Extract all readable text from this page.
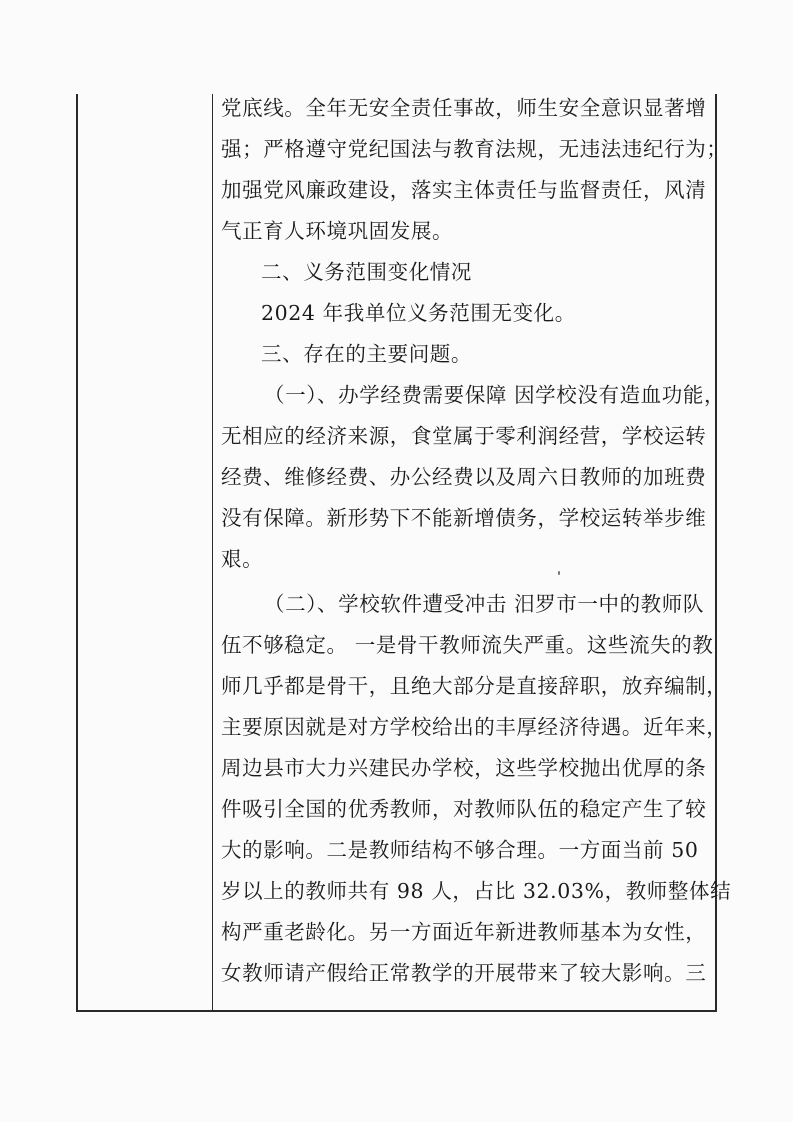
党底线。全年无安全责任事故，师生安全意识显著增
强；严格遵守党纪国法与教育法规，无违法违纪行为；
加强党风廉政建设，落实主体责任与监督责任，风清
气正育人环境巩固发展。
二、义务范围变化情况
2024 年我单位义务范围无变化。
三、存在的主要问题。
（一）、办学经费需要保障 因学校没有造血功能，
无相应的经济来源，食堂属于零利润经营，学校运转
经费、维修经费、办公经费以及周六日教师的加班费
没有保障。新形势下不能新增债务，学校运转举步维
艰。
（二）、学校软件遭受冲击 汨罗市一中的教师队
伍不够稳定。 一是骨干教师流失严重。这些流失的教
师几乎都是骨干，且绝大部分是直接辞职，放弃编制，
主要原因就是对方学校给出的丰厚经济待遇。近年来，
周边县市大力兴建民办学校，这些学校抛出优厚的条
件吸引全国的优秀教师，对教师队伍的稳定产生了较
大的影响。二是教师结构不够合理。一方面当前 50
岁以上的教师共有 98 人，占比 32.03%，教师整体结
构严重老龄化。另一方面近年新进教师基本为女性，
女教师请产假给正常教学的开展带来了较大影响。三
